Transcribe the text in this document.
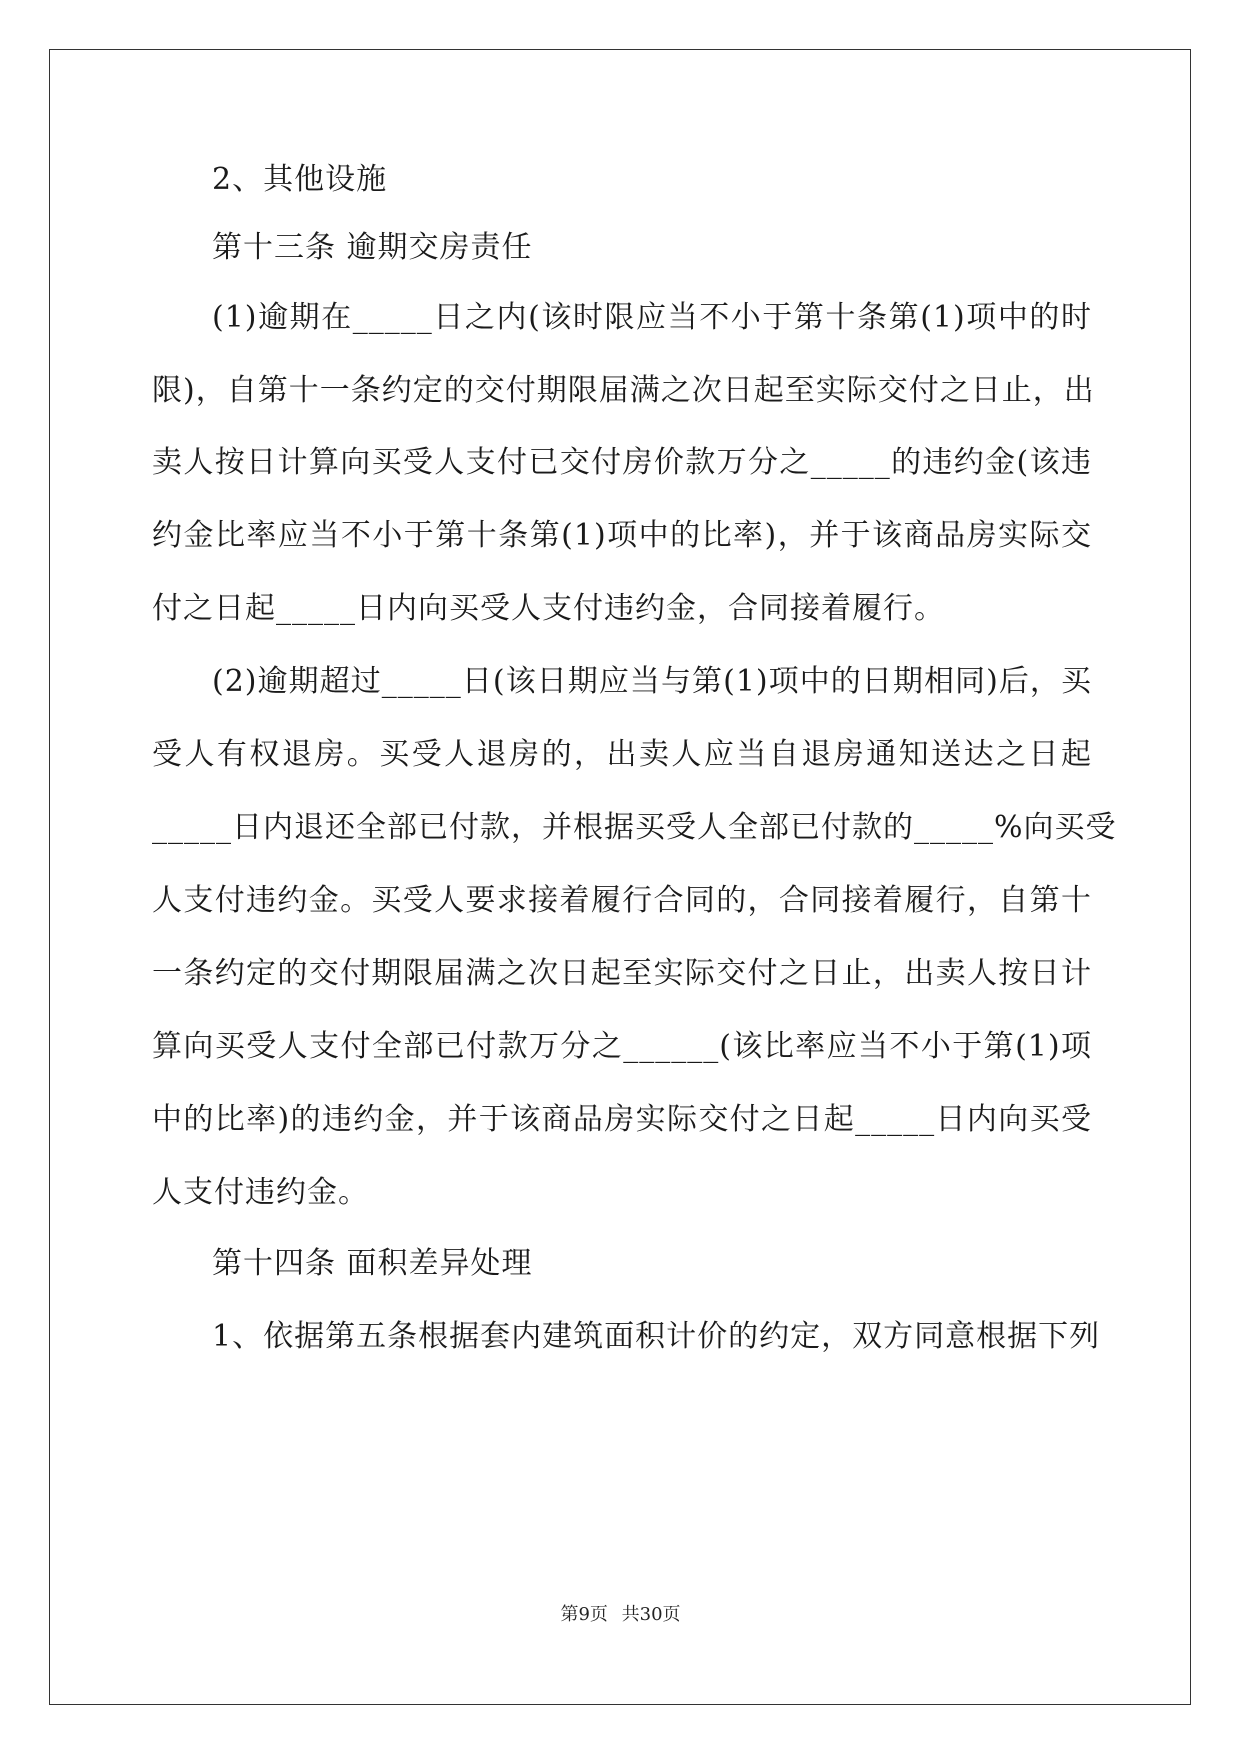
2、其他设施
第十三条 逾期交房责任
(1)逾期在_____日之内(该时限应当不小于第十条第(1)项中的时
限)，自第十一条约定的交付期限届满之次日起至实际交付之日止，出
卖人按日计算向买受人支付已交付房价款万分之_____的违约金(该违
约金比率应当不小于第十条第(1)项中的比率)，并于该商品房实际交
付之日起_____日内向买受人支付违约金，合同接着履行。
(2)逾期超过_____日(该日期应当与第(1)项中的日期相同)后，买
受人有权退房。买受人退房的，出卖人应当自退房通知送达之日起
_____日内退还全部已付款，并根据买受人全部已付款的_____%向买受
人支付违约金。买受人要求接着履行合同的，合同接着履行，自第十
一条约定的交付期限届满之次日起至实际交付之日止，出卖人按日计
算向买受人支付全部已付款万分之______(该比率应当不小于第(1)项
中的比率)的违约金，并于该商品房实际交付之日起_____日内向买受
人支付违约金。
第十四条 面积差异处理
1、依据第五条根据套内建筑面积计价的约定，双方同意根据下列
第9页 共30页
